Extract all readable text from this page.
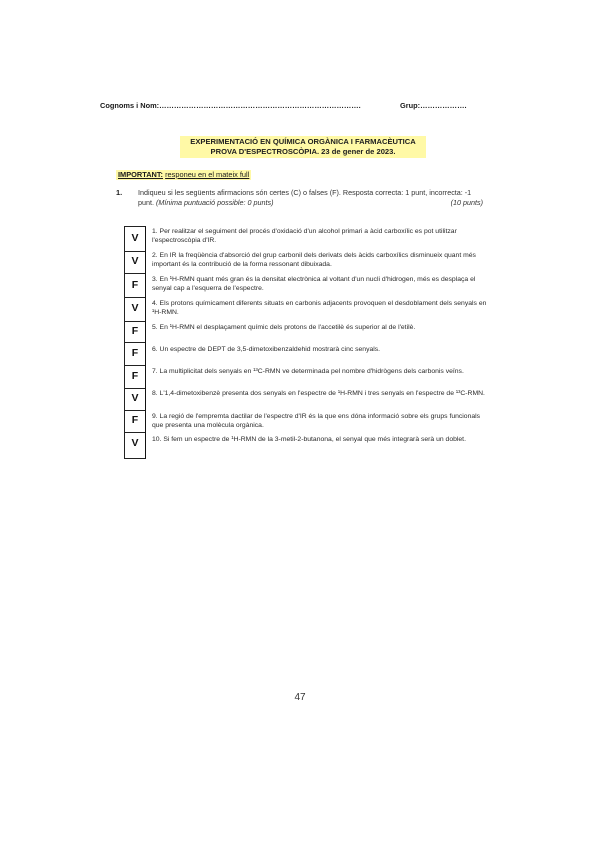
Cognoms i Nom:……………………………………………………………………….	Grup:……………….
EXPERIMENTACIÓ EN QUÍMICA ORGÀNICA I FARMACÈUTICA
PROVA D'ESPECTROSCÒPIA. 23 de gener de 2023.
IMPORTANT: responeu en el mateix full
1. Indiqueu si les següents afirmacions són certes (C) o falses (F). Resposta correcta: 1 punt, incorrecta: -1 punt. (Mínima puntuació possible: 0 punts)	(10 punts)
V
V
F
V
F
F
F
V
F
V
1. Per realitzar el seguiment del procés d'oxidació d'un alcohol primari a àcid carboxílic es pot utilitzar l'espectroscòpia d'IR.
2. En IR la freqüència d'absorció del grup carbonil dels derivats dels àcids carboxílics disminueix quant més important és la contribució de la forma ressonant dibuixada.
3. En ¹H-RMN quant més gran és la densitat electrònica al voltant d'un nucli d'hidrogen, més es desplaça el senyal cap a l'esquerra de l'espectre.
4. Els protons químicament diferents situats en carbonis adjacents provoquen el desdoblament dels senyals en ¹H-RMN.
5. En ¹H-RMN el desplaçament químic dels protons de l'accetilè és superior al de l'etilè.
6. Un espectre de DEPT de 3,5-dimetoxibenzaldehid mostrarà cinc senyals.
7. La multiplicitat dels senyals en ¹³C-RMN ve determinada pel nombre d'hidrògens dels carbonis veïns.
8. L'1,4-dimetoxibenzè presenta dos senyals en l'espectre de ¹H-RMN i tres senyals en l'espectre de ¹³C-RMN.
9. La regió de l'empremta dactilar de l'espectre d'IR és la que ens dóna informació sobre els grups funcionals que presenta una molècula orgànica.
10. Si fem un espectre de ¹H-RMN de la 3-metil-2-butanona, el senyal que més integrarà serà un doblet.
47
